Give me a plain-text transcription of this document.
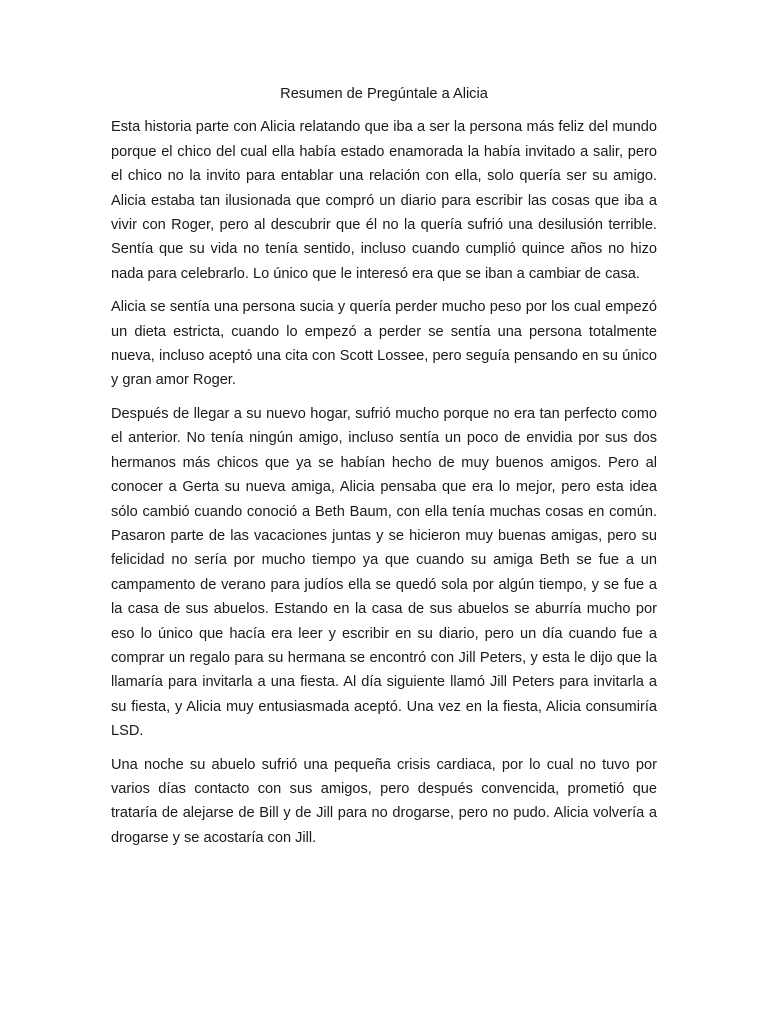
Resumen de Pregúntale a Alicia

Esta historia parte con Alicia relatando que iba a ser la persona más feliz del mundo porque el chico del cual ella había estado enamorada la había invitado a salir, pero el chico no la invito para entablar una relación con ella, solo quería ser su amigo. Alicia estaba tan ilusionada que compró un diario para escribir las cosas que iba a vivir con Roger, pero al descubrir que él no la quería sufrió una desilusión terrible. Sentía que su vida no tenía sentido, incluso cuando cumplió quince años no hizo nada para celebrarlo. Lo único que le interesó era que se iban a cambiar de casa.

Alicia se sentía una persona sucia y quería perder mucho peso por los cual empezó un dieta estricta, cuando lo empezó a perder se sentía una persona totalmente nueva, incluso aceptó una cita con Scott Lossee, pero seguía pensando en su único y gran amor Roger.

Después de llegar a su nuevo hogar, sufrió mucho porque no era tan perfecto como el anterior. No tenía ningún amigo, incluso sentía un poco de envidia por sus dos hermanos más chicos que ya se habían hecho de muy buenos amigos. Pero al conocer a Gerta su nueva amiga, Alicia pensaba que era lo mejor, pero esta idea sólo cambió cuando conoció a Beth Baum, con ella tenía muchas cosas en común. Pasaron parte de las vacaciones juntas y se hicieron muy buenas amigas, pero su felicidad no sería por mucho tiempo ya que cuando su amiga Beth se fue a un campamento de verano para judíos ella se quedó sola por algún tiempo, y se fue a la casa de sus abuelos. Estando en la casa de sus abuelos se aburría mucho por eso lo único que hacía era leer y escribir en su diario, pero un día cuando fue a comprar un regalo para su hermana se encontró con Jill Peters, y esta le dijo que la llamaría para invitarla a una fiesta. Al día siguiente llamó Jill Peters para invitarla a su fiesta, y Alicia muy entusiasmada aceptó. Una vez en la fiesta, Alicia consumiría LSD.

Una noche su abuelo sufrió una pequeña crisis cardiaca, por lo cual no tuvo por varios días contacto con sus amigos, pero después convencida, prometió que trataría de alejarse de Bill y de Jill para no drogarse, pero no pudo. Alicia volvería a drogarse y se acostaría con Jill.
